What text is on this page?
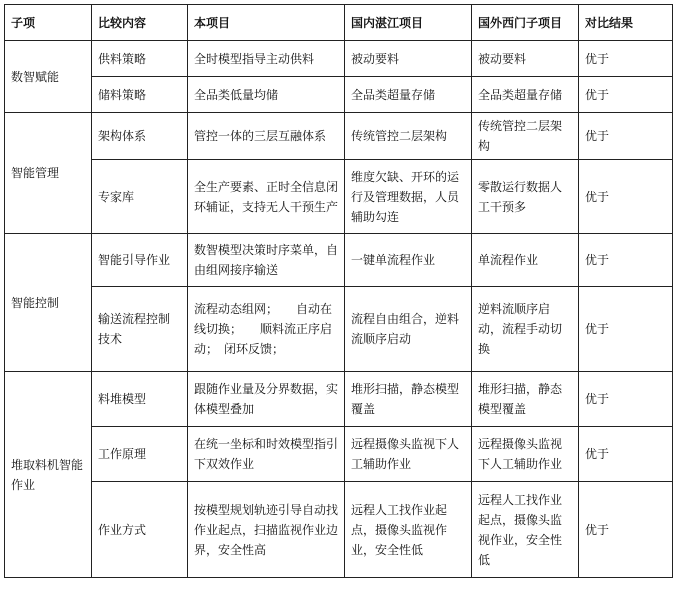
子项	比较内容	本项目	国内湛江项目	国外西门子项目	对比结果
数智赋能	供料策略	全时模型指导主动供料	被动要料	被动要料	优于
	储料策略	全品类低量均储	全品类超量存储	全品类超量存储	优于
智能管理	架构体系	管控一体的三层互融体系	传统管控二层架构	传统管控二层架构	优于
	专家库	全生产要素、正时全信息闭环辅证，支持无人干预生产	维度欠缺、开环的运行及管理数据，人员辅助勾连	零散运行数据人工干预多	优于
智能控制	智能引导作业	数智模型决策时序菜单，自由组网接序输送	一键单流程作业	单流程作业	优于
	输送流程控制技术	流程动态组网；　　自动在线切换；　　顺料流正序启动；　闭环反馈；	流程自由组合，逆料流顺序启动	逆料流顺序启动，流程手动切换	优于
堆取料机智能作业	料堆模型	跟随作业量及分界数据，实体模型叠加	堆形扫描，静态模型覆盖	堆形扫描，静态模型覆盖	优于
	工作原理	在统一坐标和时效模型指引下双效作业	远程摄像头监视下人工辅助作业	远程摄像头监视下人工辅助作业	优于
	作业方式	按模型规划轨迹引导自动找作业起点，扫描监视作业边界，安全性高	远程人工找作业起点，摄像头监视作业，安全性低	远程人工找作业起点，摄像头监视作业，安全性低	优于
